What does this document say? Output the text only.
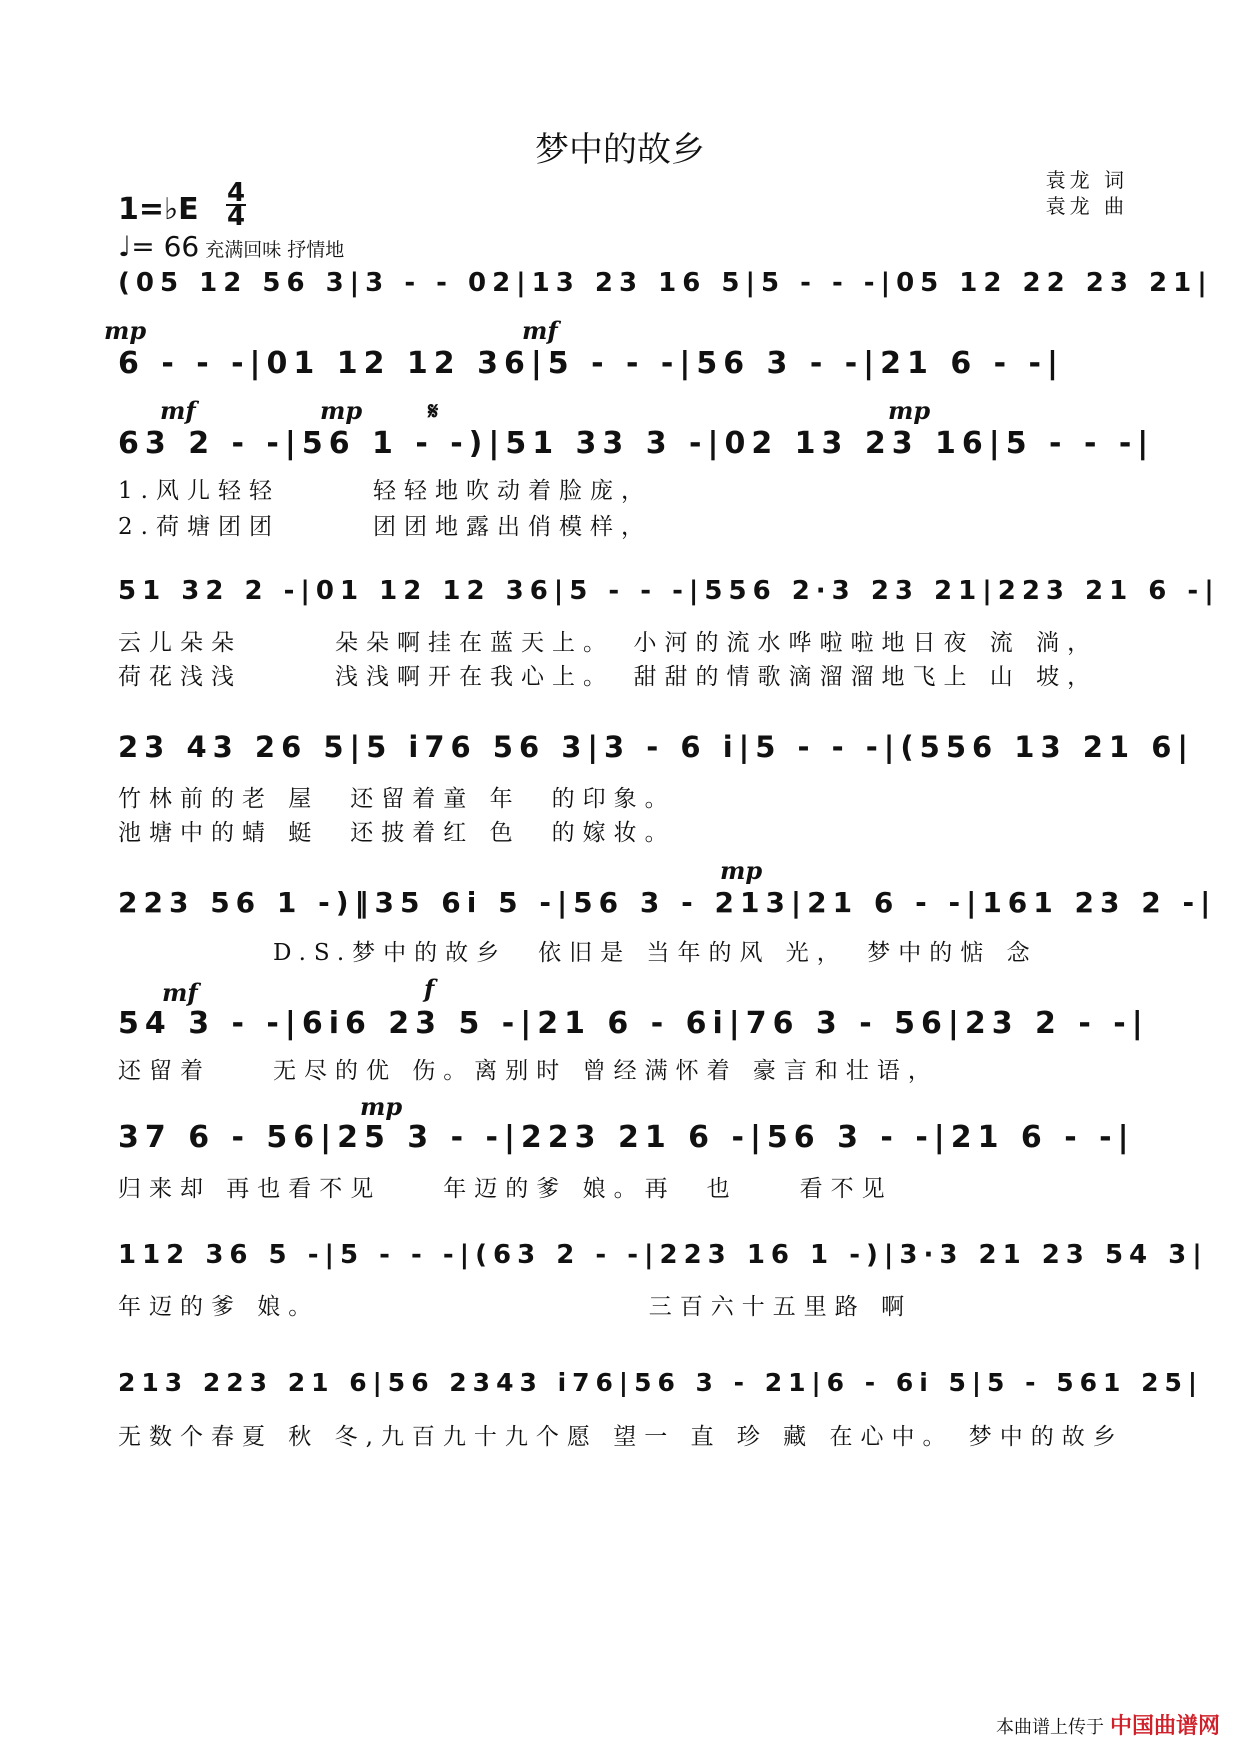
梦中的故乡
袁龙 词
袁龙 曲
1=♭E 4
4
♩= 66 充满回味 抒情地
(05 12 56 3|3 - - 02|13 23 16 5|5 - - -|05 12 22 23 21|
mp	mf
6 - - -|01 12 12 36|5 - - -|56 3 - -|21 6 - -|
mf	mp	𝄋	mp
63 2 - -|56 1 - -)|51 33 3 -|02 13 23 16|5 - - -|
1.风儿轻轻　　　轻轻地吹动着脸庞，
2.荷塘团团　　　团团地露出俏模样，
51 32 2 -|01 12 12 36|5 - - -|556 2·3 23 21|223 21 6 -|
云儿朵朵　　　朵朵啊挂在蓝天上。　小河的流水哗啦啦地日夜 流 淌，
荷花浅浅　　　浅浅啊开在我心上。　甜甜的情歌滴溜溜地飞上 山 坡，
23 43 26 5|5 i76 56 3|3 - 6 i|5 - - -|(556 13 21 6|
竹林前的老 屋　还留着童 年　的印象。
池塘中的蜻 蜓　还披着红 色　的嫁妆。
mp
223 56 1 -)‖35 6i 5 -|56 3 - 213|21 6 - -|161 23 2 -|
　　　　　D.S.梦中的故乡　依旧是 当年的风 光，　梦中的惦 念
mf	f
54 3 - -|6i6 23 5 -|21 6 - 6i|76 3 - 56|23 2 - -|
还留着　　无尽的优 伤。离别时 曾经满怀着 豪言和壮语，
mp
37 6 - 56|25 3 - -|223 21 6 -|56 3 - -|21 6 - -|
归来却 再也看不见　　年迈的爹 娘。再　也　　看不见
112 36 5 -|5 - - -|(63 2 - -|223 16 1 -)|3·3 21 23 54 3|
年迈的爹 娘。　　　　　　　　　　　三百六十五里路 啊
213 223 21 6|56 2343 i76|56 3 - 21|6 - 6i 5|5 - 561 25|
无数个春夏 秋 冬,九百九十九个愿 望一 直 珍 藏 在心中。 梦中的故乡
本曲谱上传于 中国曲谱网
